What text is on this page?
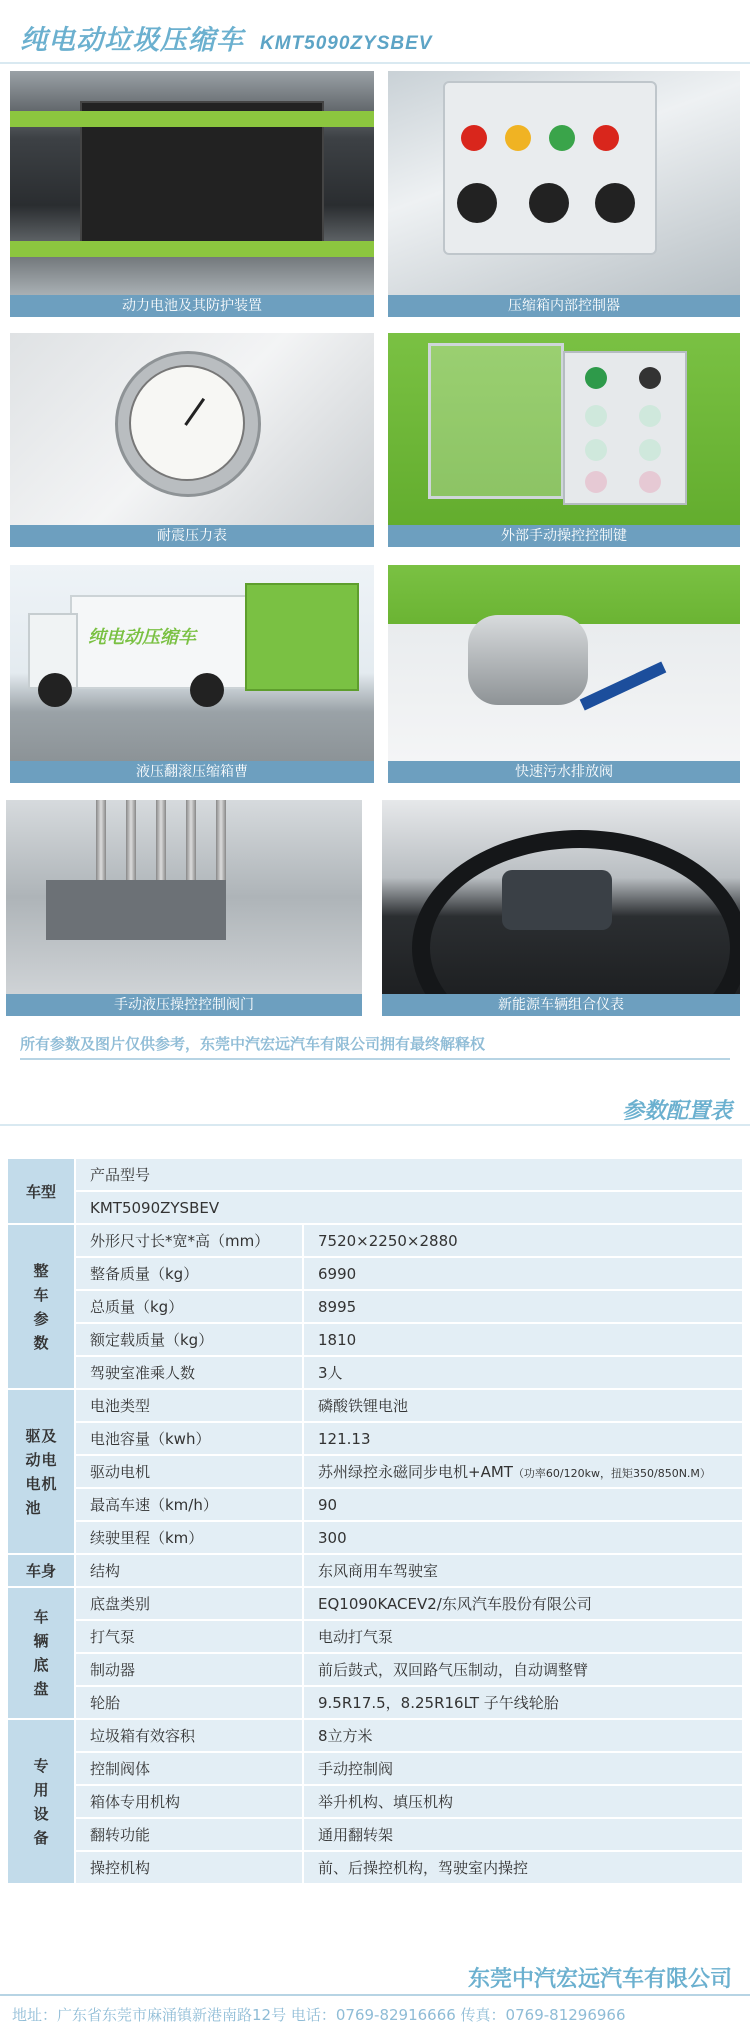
纯电动垃圾压缩车 KMT5090ZYSBEV
动力电池及其防护装置	压缩箱内部控制器
耐震压力表	外部手动操控控制键
纯电动压缩车
液压翻滚压缩箱曹	快速污水排放阀
手动液压操控控制阀门	新能源车辆组合仪表
所有参数及图片仅供参考，东莞中汽宏远汽车有限公司拥有最终解释权
参数配置表
车型	产品型号	
	KMT5090ZYSBEV	
整车参数	外形尺寸长*宽*高（mm）	7520×2250×2880
	整备质量（kg）	6990
	总质量（kg）	8995
	额定载质量（kg）	1810
	驾驶室准乘人数	3人
驱动电池及电机	电池类型	磷酸铁锂电池
	电池容量（kwh）	121.13
	驱动电机	苏州绿控永磁同步电机+AMT（功率60/120kw，扭矩350/850N.M）
	最高车速（km/h）	90
	续驶里程（km）	300
车身	结构	东风商用车驾驶室
车辆底盘	底盘类别	EQ1090KACEV2/东风汽车股份有限公司
	打气泵	电动打气泵
	制动器	前后鼓式，双回路气压制动，自动调整臂
	轮胎	9.5R17.5，8.25R16LT 子午线轮胎
专用设备	垃圾箱有效容积	8立方米
	控制阀体	手动控制阀
	箱体专用机构	举升机构、填压机构
	翻转功能	通用翻转架
	操控机构	前、后操控机构，驾驶室内操控
东莞中汽宏远汽车有限公司
地址：广东省东莞市麻涌镇新港南路12号 电话：0769-82916666 传真：0769-81296966
